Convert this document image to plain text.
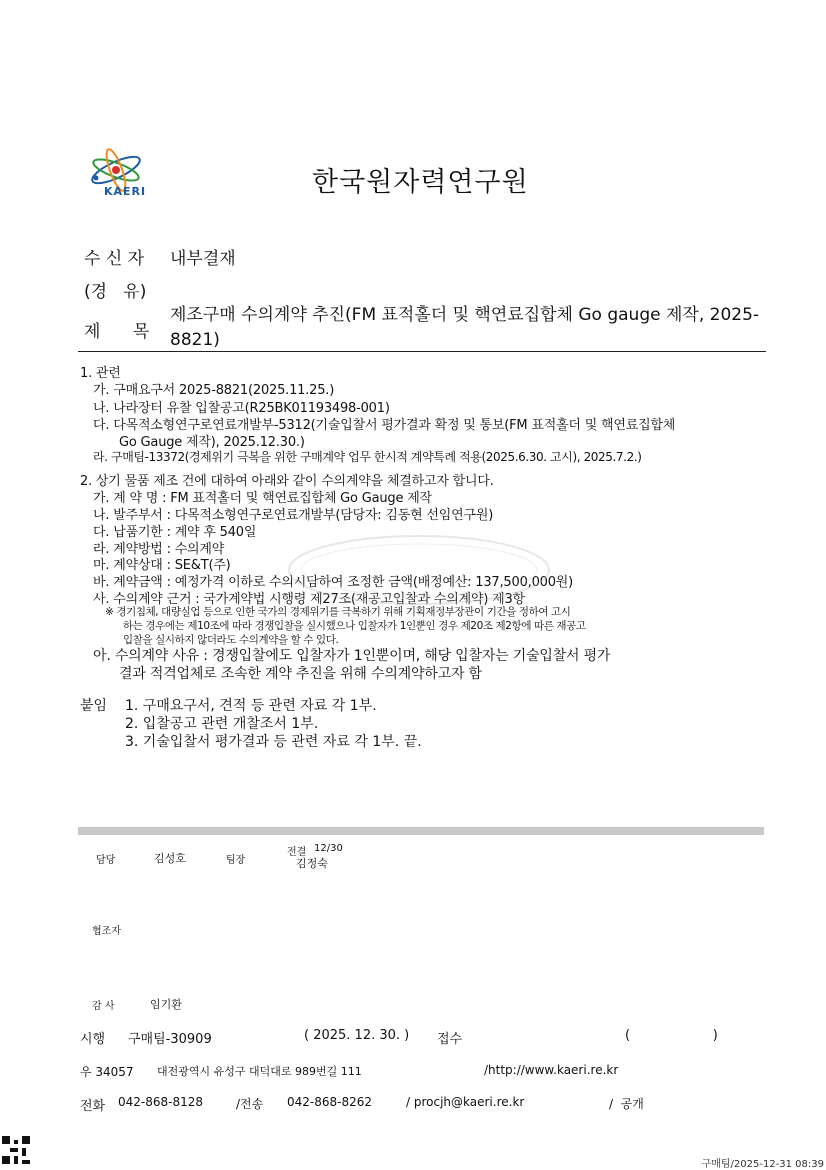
KAERI	한국원자력연구원
수 신 자 내부결재
(경   유)
제      목
제조구매 수의계약 추진(FM 표적홀더 및 핵연료집합체 Go gauge 제작, 2025-8821)
1. 관련
가. 구매요구서 2025-8821(2025.11.25.)
나. 나라장터 유찰 입찰공고(R25BK01193498-001)
다. 다목적소형연구로연료개발부-5312(기술입찰서 평가결과 확정 및 통보(FM 표적홀더 및 핵연료집합체
Go Gauge 제작), 2025.12.30.)
라. 구매팀-13372(경제위기 극복을 위한 구매계약 업무 한시적 계약특례 적용(2025.6.30. 고시), 2025.7.2.)
2. 상기 물품 제조 건에 대하여 아래와 같이 수의계약을 체결하고자 합니다.
가. 계 약 명 : FM 표적홀더 및 핵연료집합체 Go Gauge 제작
나. 발주부서 : 다목적소형연구로연료개발부(담당자: 김동현 선임연구원)
다. 납품기한 : 계약 후 540일
라. 계약방법 : 수의계약
마. 계약상대 : SE&T(주)
바. 계약금액 : 예정가격 이하로 수의시담하여 조정한 금액(배정예산: 137,500,000원)
사. 수의계약 근거 : 국가계약법 시행령 제27조(재공고입찰과 수의계약) 제3항
※ 경기침체, 대량실업 등으로 인한 국가의 경제위기를 극복하기 위해 기획재정부장관이 기간을 정하여 고시
하는 경우에는 제10조에 따라 경쟁입찰을 실시했으나 입찰자가 1인뿐인 경우 제20조 제2항에 따른 재공고
입찰을 실시하지 않더라도 수의계약을 할 수 있다.
아. 수의계약 사유 : 경쟁입찰에도 입찰자가 1인뿐이며, 해당 입찰자는 기술입찰서 평가
결과 적격업체로 조속한 계약 추진을 위해 수의계약하고자 함
붙임 1. 구매요구서, 견적 등 관련 자료 각 1부.
2. 입찰공고 관련 개찰조서 1부.
3. 기술입찰서 평가결과 등 관련 자료 각 1부. 끝.
담당	김성호	팀장
전결 12/30
김정숙
협조자
감 사	임기환
시행 구매팀-30909	( 2025. 12. 30. ) 접수	(                    )
우 34057 대전광역시 유성구 대덕대로 989번길 111	/http://www.kaeri.re.kr
전화 042-868-8128	/전송 042-868-8262	/ procjh@kaeri.re.kr	/  공개
구매팀/2025-12-31 08:39
